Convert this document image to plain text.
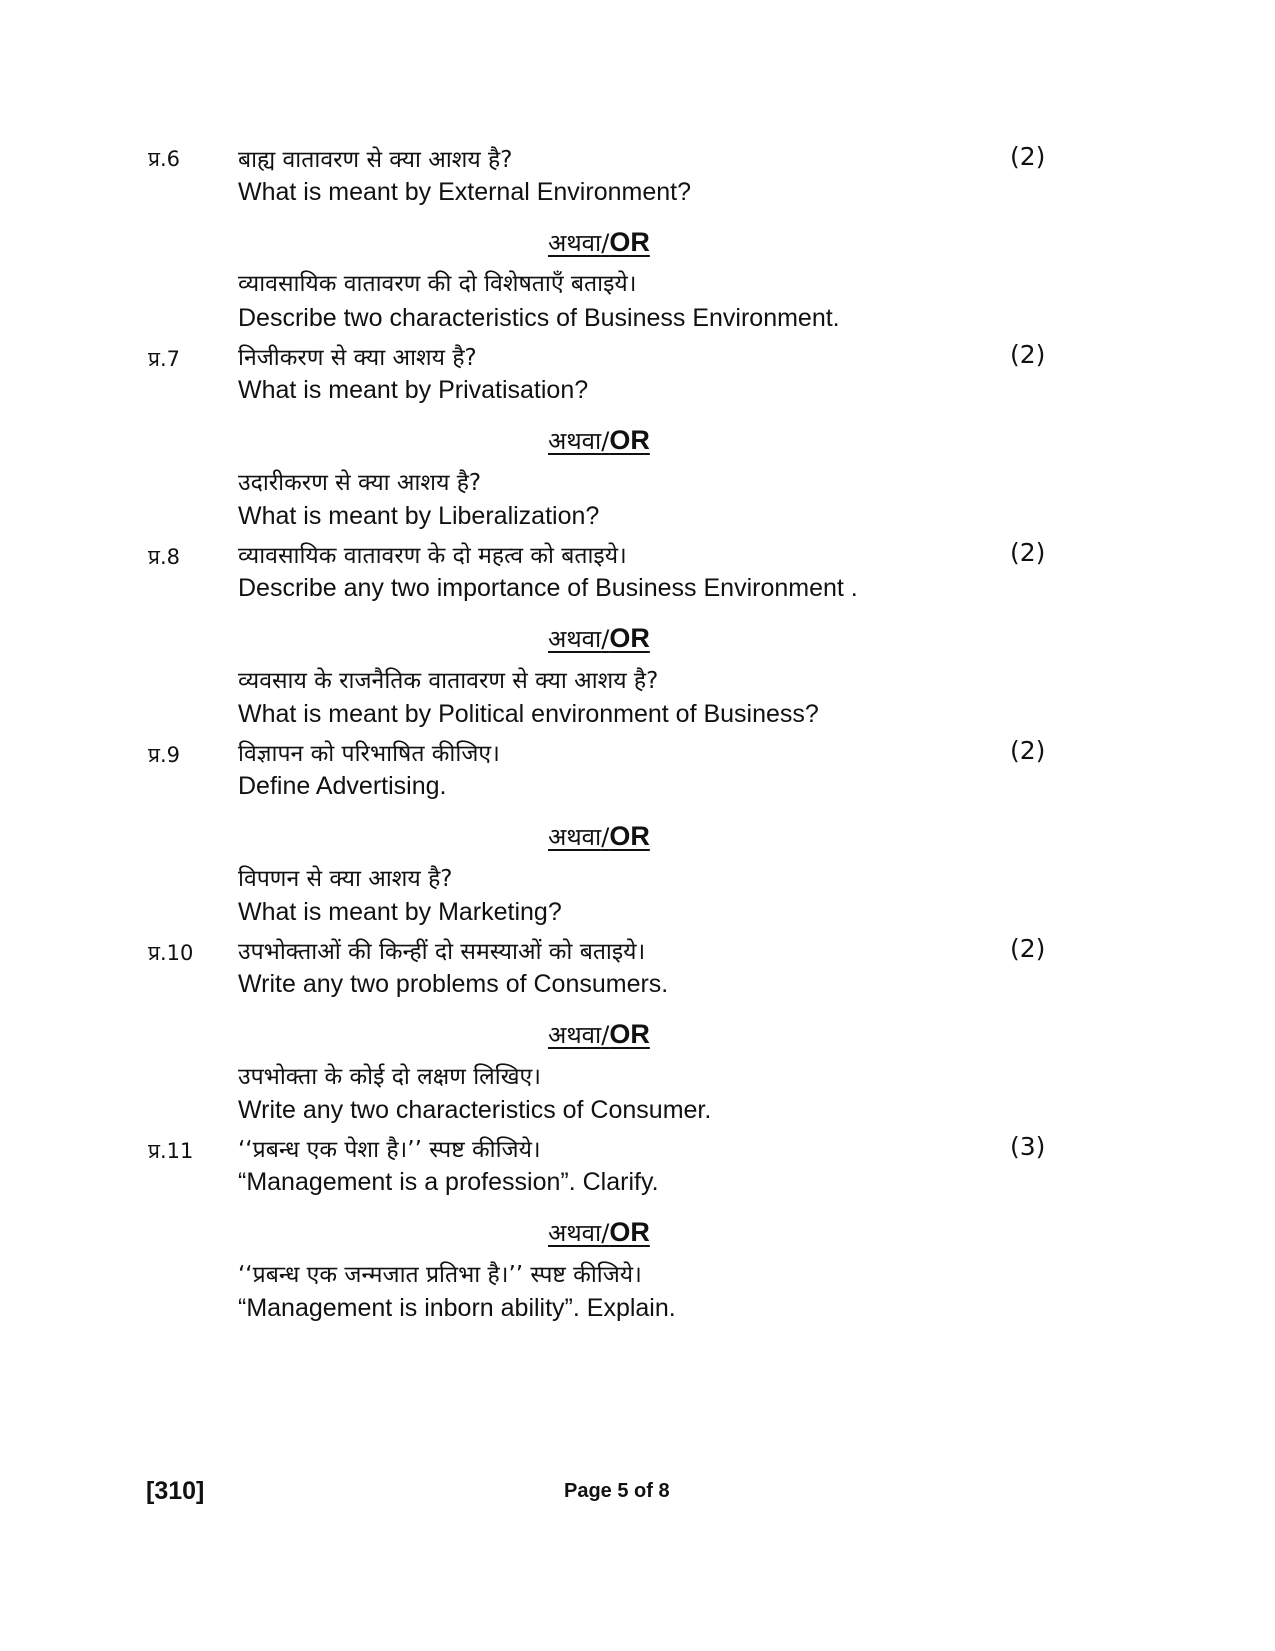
प्र.6	बाह्य वातावरण से क्या आशय है?	(2)
What is meant by External Environment?
अथवा/OR
व्यावसायिक वातावरण की दो विशेषताएँ बताइये।
Describe two characteristics of Business Environment.
प्र.7	निजीकरण से क्या आशय है?	(2)
What is meant by Privatisation?
अथवा/OR
उदारीकरण से क्या आशय है?
What is meant by Liberalization?
प्र.8	व्यावसायिक वातावरण के दो महत्व को बताइये।	(2)
Describe any two importance of Business Environment .
अथवा/OR
व्यवसाय के राजनैतिक वातावरण से क्या आशय है?
What is meant by Political environment of Business?
प्र.9	विज्ञापन को परिभाषित कीजिए।	(2)
Define Advertising.
अथवा/OR
विपणन से क्या आशय है?
What is meant by Marketing?
प्र.10 उपभोक्ताओं की किन्हीं दो समस्याओं को बताइये।	(2)
Write any two problems of Consumers.
अथवा/OR
उपभोक्ता के कोई दो लक्षण लिखिए।
Write any two characteristics of Consumer.
प्र.11 ‘‘प्रबन्ध एक पेशा है।’’ स्पष्ट कीजिये।	(3)
“Management is a profession”. Clarify.
अथवा/OR
‘‘प्रबन्ध एक जन्मजात प्रतिभा है।’’ स्पष्ट कीजिये।
“Management is inborn ability”. Explain.
[310]	Page 5 of 8
